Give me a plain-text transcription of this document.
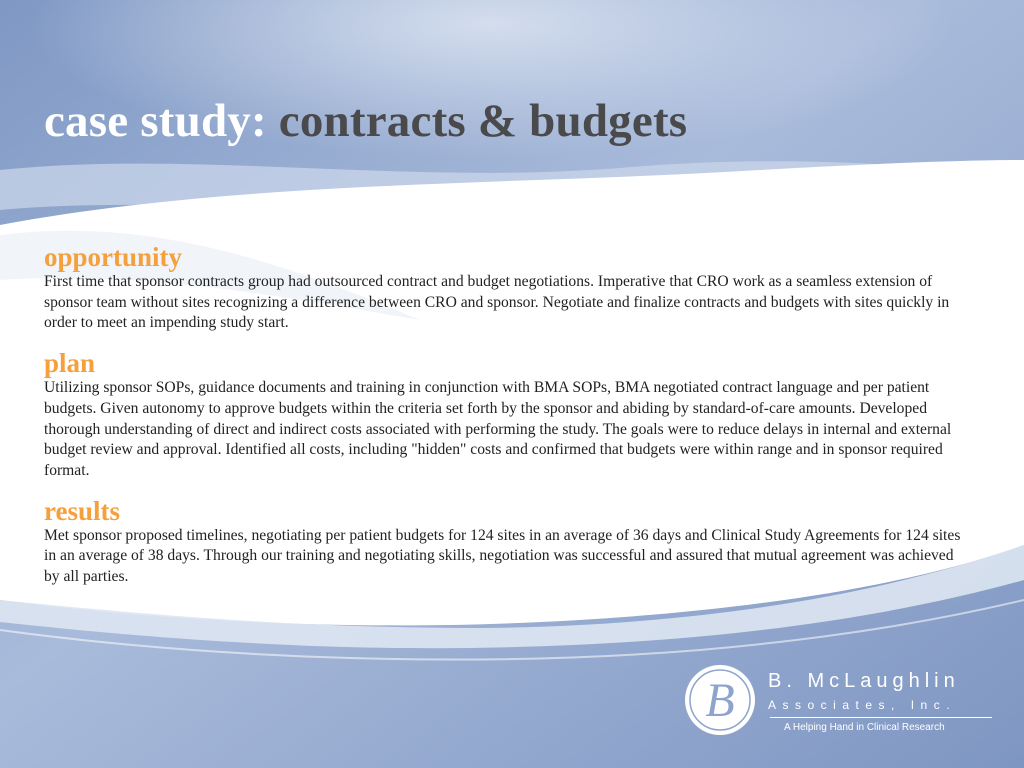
case study: contracts & budgets
opportunity

First time that sponsor contracts group had outsourced contract and budget negotiations. Imperative that CRO work as a seamless extension of sponsor team without sites recognizing a difference between CRO and sponsor. Negotiate and finalize contracts and budgets with sites quickly in order to meet an impending study start.

plan

Utilizing sponsor SOPs, guidance documents and training in conjunction with BMA SOPs, BMA negotiated contract language and per patient budgets. Given autonomy to approve budgets within the criteria set forth by the sponsor and abiding by standard-of-care amounts. Developed thorough understanding of direct and indirect costs associated with performing the study. The goals were to reduce delays in internal and external budget review and approval. Identified all costs, including "hidden" costs and confirmed that budgets were within range and in sponsor required format.

results

Met sponsor proposed timelines, negotiating per patient budgets for 124 sites in an average of 36 days and Clinical Study Agreements for 124 sites in an average of 38 days. Through our training and negotiating skills, negotiation was successful and assured that mutual agreement was achieved by all parties.

B B. McLaughlin
Associates, Inc.
A Helping Hand in Clinical Research
